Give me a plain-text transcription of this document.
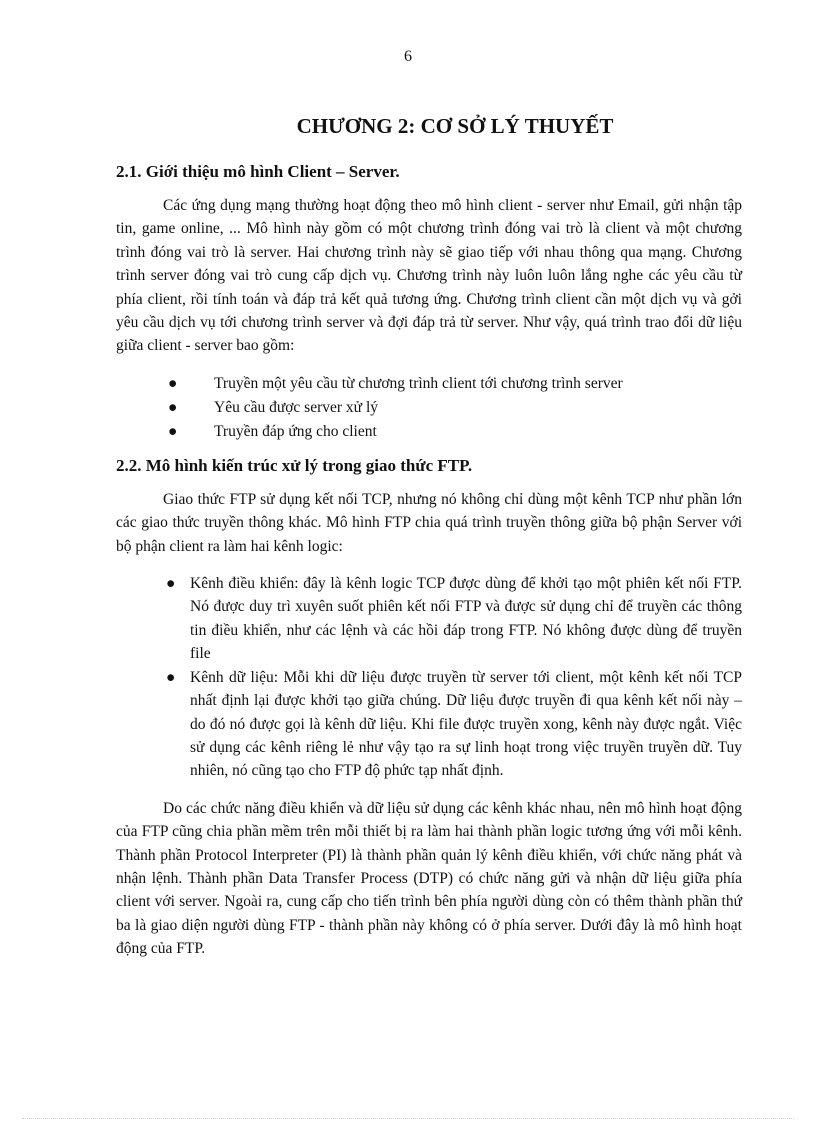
6
CHƯƠNG 2: CƠ SỞ LÝ THUYẾT
2.1. Giới thiệu mô hình Client – Server.

Các ứng dụng mạng thường hoạt động theo mô hình client - server như Email, gửi nhận tập tin, game online, ... Mô hình này gồm có một chương trình đóng vai trò là client và một chương trình đóng vai trò là server. Hai chương trình này sẽ giao tiếp với nhau thông qua mạng. Chương trình server đóng vai trò cung cấp dịch vụ. Chương trình này luôn luôn lắng nghe các yêu cầu từ phía client, rồi tính toán và đáp trả kết quả tương ứng. Chương trình client cần một dịch vụ và gởi yêu cầu dịch vụ tới chương trình server và đợi đáp trả từ server. Như vậy, quá trình trao đổi dữ liệu giữa client - server bao gồm:

● Truyền một yêu cầu từ chương trình client tới chương trình server
● Yêu cầu được server xử lý
● Truyền đáp ứng cho client
2.2. Mô hình kiến trúc xử lý trong giao thức FTP.

Giao thức FTP sử dụng kết nối TCP, nhưng nó không chỉ dùng một kênh TCP như phần lớn các giao thức truyền thông khác. Mô hình FTP chia quá trình truyền thông giữa bộ phận Server với bộ phận client ra làm hai kênh logic:

● Kênh điều khiển: đây là kênh logic TCP được dùng để khởi tạo một phiên kết nối FTP. Nó được duy trì xuyên suốt phiên kết nối FTP và được sử dụng chỉ để truyền các thông tin điều khiển, như các lệnh và các hồi đáp trong FTP. Nó không được dùng để truyền file
● Kênh dữ liệu: Mỗi khi dữ liệu được truyền từ server tới client, một kênh kết nối TCP nhất định lại được khởi tạo giữa chúng. Dữ liệu được truyền đi qua kênh kết nối này – do đó nó được gọi là kênh dữ liệu. Khi file được truyền xong, kênh này được ngắt. Việc sử dụng các kênh riêng lẻ như vậy tạo ra sự linh hoạt trong việc truyền truyền dữ. Tuy nhiên, nó cũng tạo cho FTP độ phức tạp nhất định.

Do các chức năng điều khiển và dữ liệu sử dụng các kênh khác nhau, nên mô hình hoạt động của FTP cũng chia phần mềm trên mỗi thiết bị ra làm hai thành phần logic tương ứng với mỗi kênh. Thành phần Protocol Interpreter (PI) là thành phần quản lý kênh điều khiển, với chức năng phát và nhận lệnh. Thành phần Data Transfer Process (DTP) có chức năng gửi và nhận dữ liệu giữa phía client với server. Ngoài ra, cung cấp cho tiến trình bên phía người dùng còn có thêm thành phần thứ ba là giao diện người dùng FTP - thành phần này không có ở phía server. Dưới đây là mô hình hoạt động của FTP.
